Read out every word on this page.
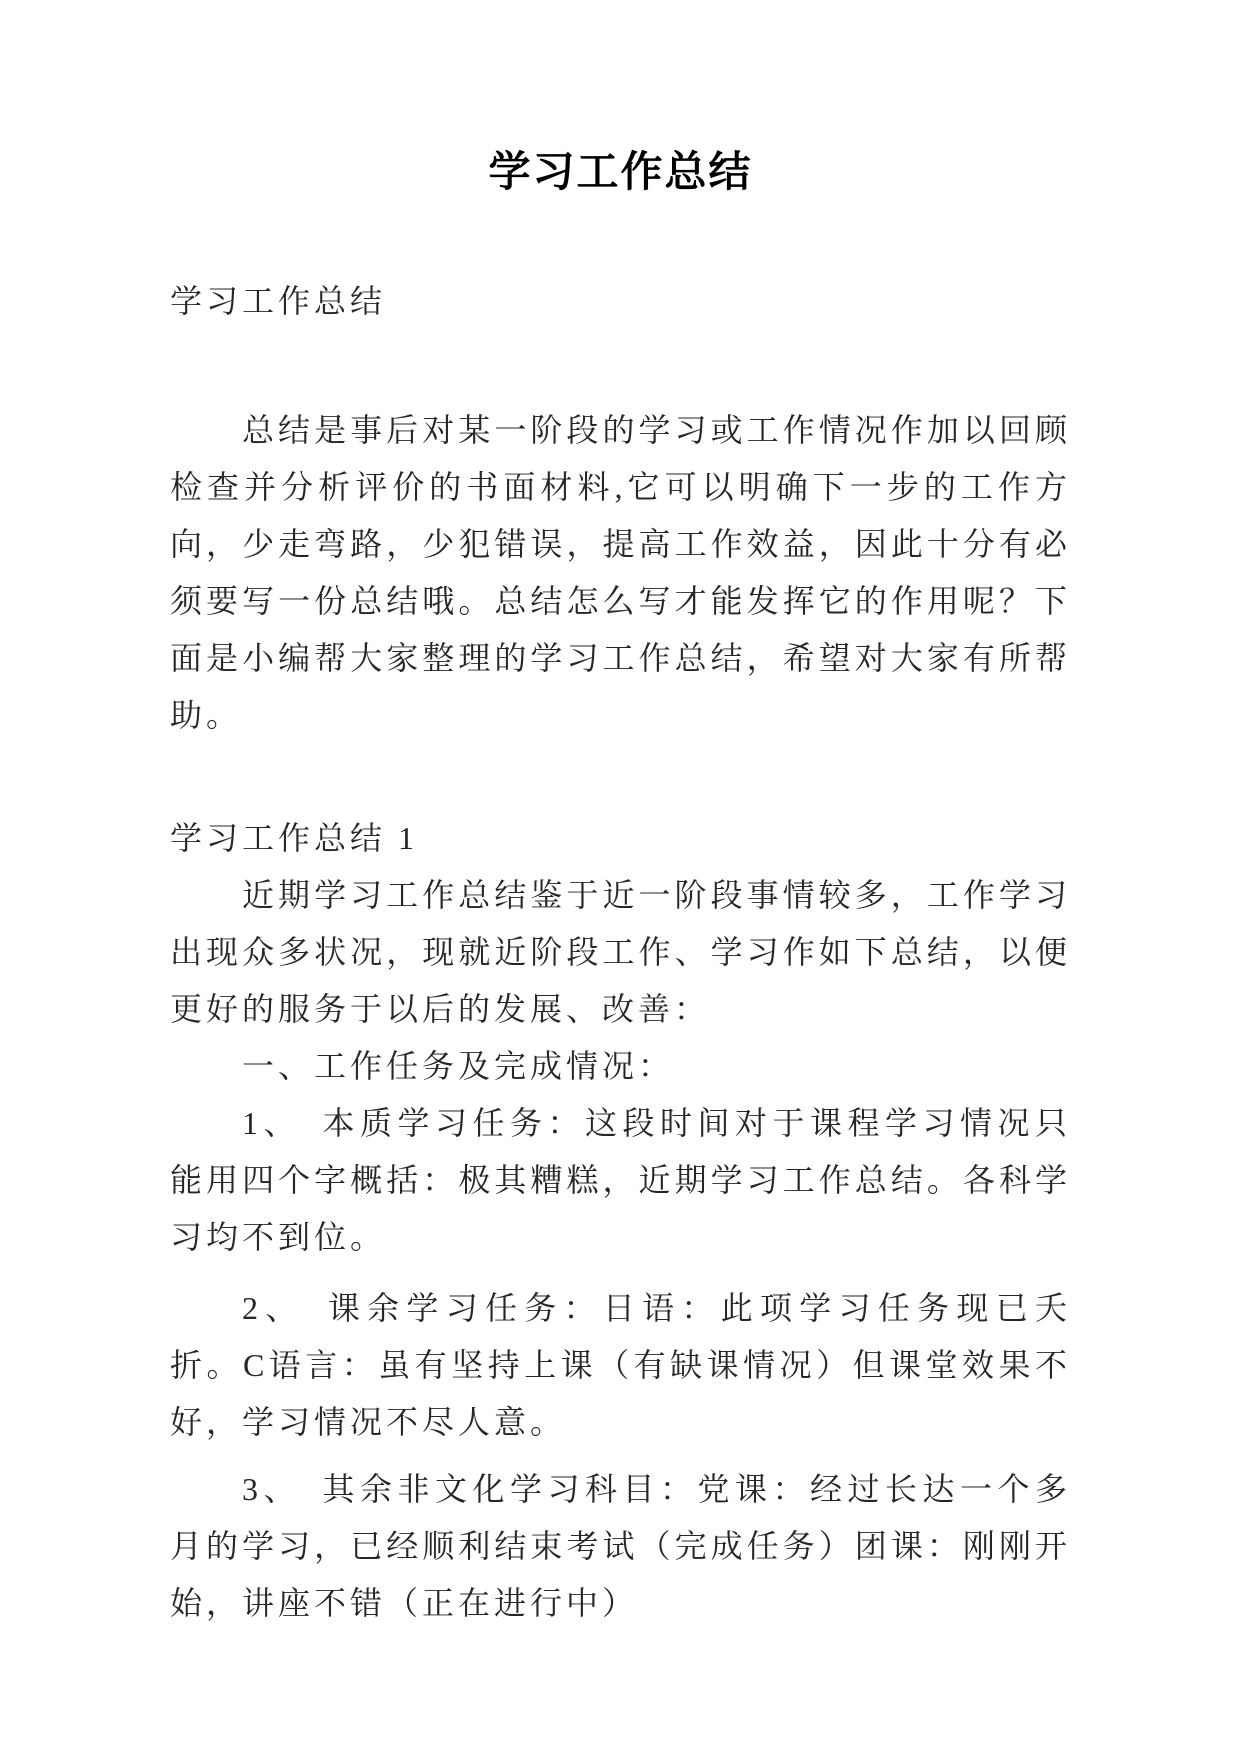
学习工作总结

学习工作总结

总结是事后对某一阶段的学习或工作情况作加以回顾检查并分析评价的书面材料,它可以明确下一步的工作方向，少走弯路，少犯错误，提高工作效益，因此十分有必须要写一份总结哦。总结怎么写才能发挥它的作用呢？下面是小编帮大家整理的学习工作总结，希望对大家有所帮助。

学习工作总结 1

近期学习工作总结鉴于近一阶段事情较多，工作学习出现众多状况，现就近阶段工作、学习作如下总结，以便更好的服务于以后的发展、改善：

一、工作任务及完成情况：

1、　本质学习任务：这段时间对于课程学习情况只能用四个字概括：极其糟糕，近期学习工作总结。各科学习均不到位。

2、　课余学习任务：日语：此项学习任务现已夭折。C语言：虽有坚持上课（有缺课情况）但课堂效果不好，学习情况不尽人意。

3、　其余非文化学习科目：党课：经过长达一个多月的学习，已经顺利结束考试（完成任务）团课：刚刚开始，讲座不错（正在进行中）
